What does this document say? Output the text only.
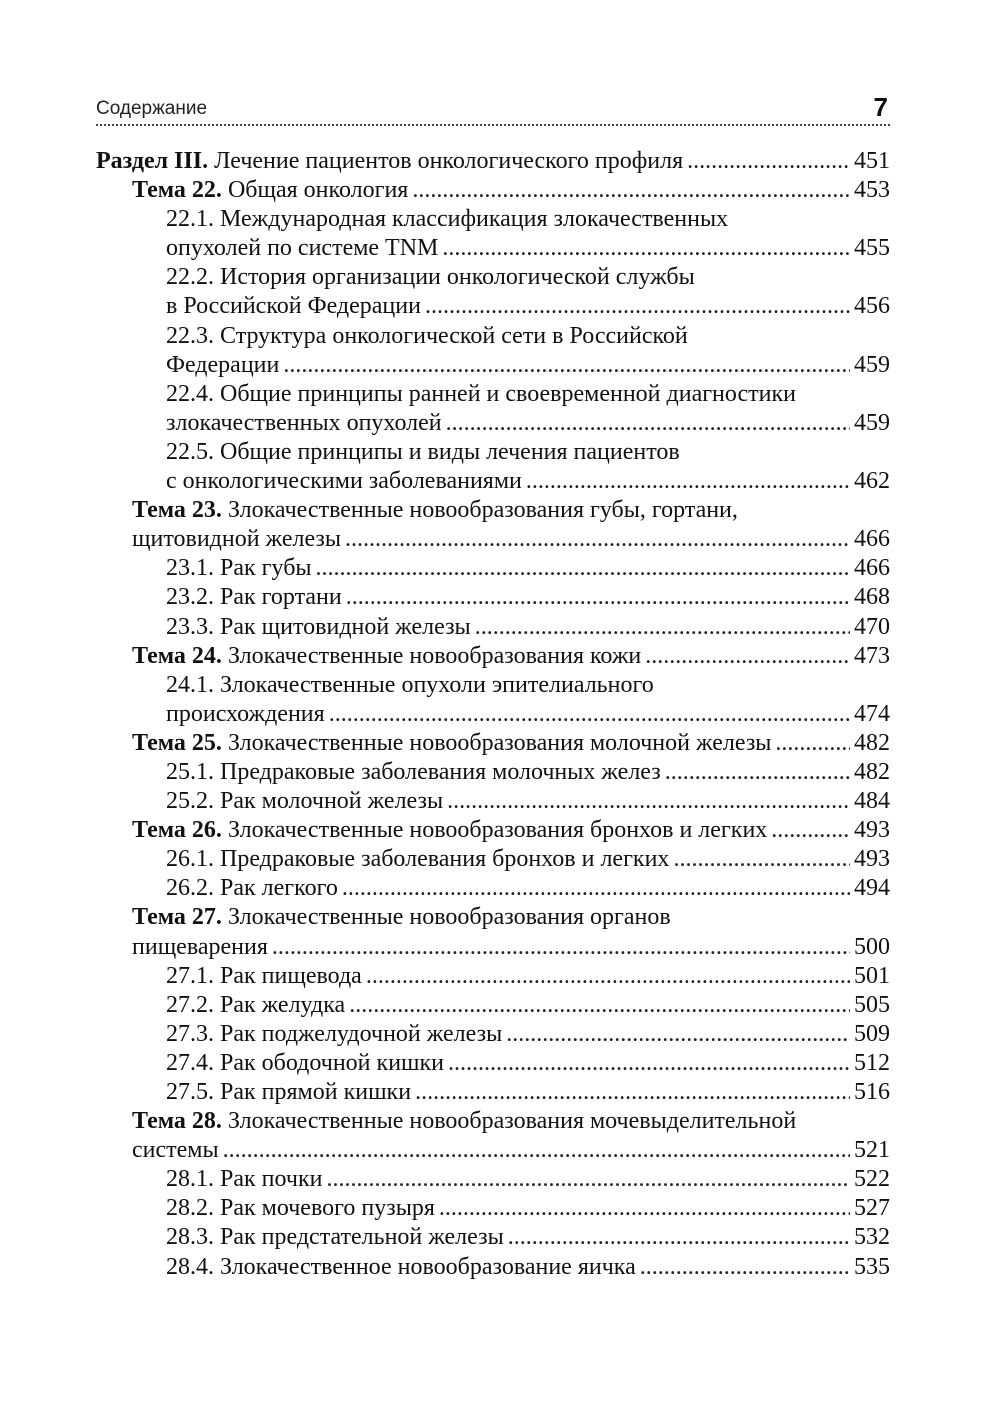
Содержание	7
Раздел III. Лечение пациентов онкологического профиля .....	451
Тема 22. Общая онкология .....	453
22.1. Международная классификация злокачественных
опухолей по системе TNM .....	455
22.2. История организации онкологической службы
в Российской Федерации .....	456
22.3. Структура онкологической сети в Российской
Федерации .....	459
22.4. Общие принципы ранней и своевременной диагностики
злокачественных опухолей .....	459
22.5. Общие принципы и виды лечения пациентов
с онкологическими заболеваниями .....	462
Тема 23. Злокачественные новообразования губы, гортани,
щитовидной железы .....	466
23.1. Рак губы .....	466
23.2. Рак гортани .....	468
23.3. Рак щитовидной железы .....	470
Тема 24. Злокачественные новообразования кожи .....	473
24.1. Злокачественные опухоли эпителиального
происхождения .....	474
Тема 25. Злокачественные новообразования молочной железы .....	482
25.1. Предраковые заболевания молочных желез .....	482
25.2. Рак молочной железы .....	484
Тема 26. Злокачественные новообразования бронхов и легких .....	493
26.1. Предраковые заболевания бронхов и легких .....	493
26.2. Рак легкого .....	494
Тема 27. Злокачественные новообразования органов
пищеварения .....	500
27.1. Рак пищевода .....	501
27.2. Рак желудка .....	505
27.3. Рак поджелудочной железы .....	509
27.4. Рак ободочной кишки .....	512
27.5. Рак прямой кишки .....	516
Тема 28. Злокачественные новообразования мочевыделительной
системы .....	521
28.1. Рак почки .....	522
28.2. Рак мочевого пузыря .....	527
28.3. Рак предстательной железы .....	532
28.4. Злокачественное новообразование яичка .....	535
